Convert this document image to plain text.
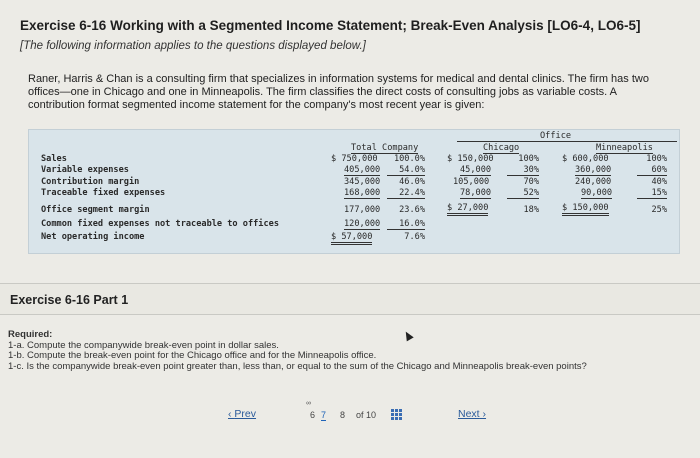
Exercise 6-16 Working with a Segmented Income Statement; Break-Even Analysis [LO6-4, LO6-5]
[The following information applies to the questions displayed below.]
Raner, Harris & Chan is a consulting firm that specializes in information systems for medical and dental clinics. The firm has two offices—one in Chicago and one in Minneapolis. The firm classifies the direct costs of consulting jobs as variable costs. A contribution format segmented income statement for the company's most recent year is given:
Office
Total Company	Chicago	Minneapolis
Sales	$ 750,000	100.0%	$ 150,000	100%	$ 600,000	100%
Variable expenses	405,000	54.0%	45,000	30%	360,000	60%
Contribution margin	345,000	46.0%	105,000	70%	240,000	40%
Traceable fixed expenses	168,000	22.4%	78,000	52%	90,000	15%
Office segment margin	177,000	23.6%	$ 27,000	18%	$ 150,000	25%
Common fixed expenses not traceable to offices	120,000	16.0%
Net operating income	$ 57,000	7.6%
Exercise 6-16 Part 1
Required:
1-a. Compute the companywide break-even point in dollar sales.
1-b. Compute the break-even point for the Chicago office and for the Minneapolis office.
1-c. Is the companywide break-even point greater than, less than, or equal to the sum of the Chicago and Minneapolis break-even points?
‹ Prev	6 7
∞
8 of 10	Next ›
